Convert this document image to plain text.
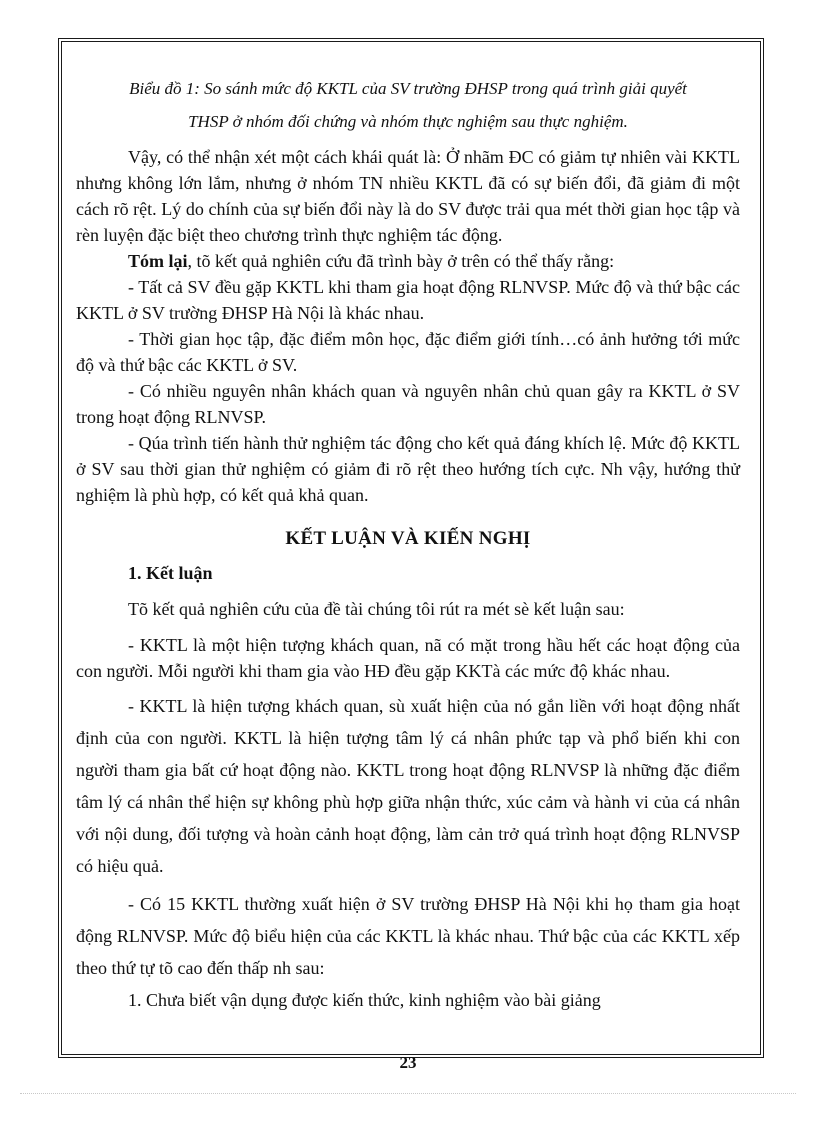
Biểu đồ 1: So sánh mức độ KKTL của SV trường ĐHSP trong quá trình giải quyết

THSP ở nhóm đối chứng và nhóm thực nghiệm sau thực nghiệm.

Vậy, có thể nhận xét một cách khái quát là: Ở nhãm ĐC có giảm tự nhiên vài KKTL nhưng không lớn lắm, nhưng ở nhóm TN nhiều KKTL đã có sự biến đổi, đã giảm đi một cách rõ rệt. Lý do chính của sự biến đổi này là do SV được trải qua mét thời gian học tập và rèn luyện đặc biệt theo chương trình thực nghiệm tác động.

Tóm lại, tõ kết quả nghiên cứu đã trình bày ở trên có thể thấy rằng:

- Tất cả SV đều gặp KKTL khi tham gia hoạt động RLNVSP. Mức độ và thứ bậc các KKTL ở SV trường ĐHSP Hà Nội là khác nhau.

- Thời gian học tập, đặc điểm môn học, đặc điểm giới tính…có ảnh hưởng tới mức độ và thứ bậc các KKTL ở SV.

- Có nhiều nguyên nhân khách quan và nguyên nhân chủ quan gây ra KKTL ở SV trong hoạt động RLNVSP.

- Qúa trình tiến hành thử nghiệm tác động cho kết quả đáng khích lệ. Mức độ KKTL ở SV sau thời gian thử nghiệm có giảm đi rõ rệt theo hướng tích cực. Nh vậy, hướng thử nghiệm là phù hợp, có kết quả khả quan.

KẾT LUẬN VÀ KIẾN NGHỊ

1. Kết luận

Tõ kết quả nghiên cứu của đề tài chúng tôi rút ra mét sè kết luận sau:

- KKTL là một hiện tượng khách quan, nã có mặt trong hầu hết các hoạt động của con người. Mỗi người khi tham gia vào HĐ đều gặp KKTà các mức độ khác nhau.

- KKTL là hiện tượng khách quan, sù xuất hiện của nó gắn liền với hoạt động nhất định của con người. KKTL là hiện tượng tâm lý cá nhân phức tạp và phổ biến khi con người tham gia bất cứ hoạt động nào. KKTL trong hoạt động RLNVSP là những đặc điểm tâm lý cá nhân thể hiện sự không phù hợp giữa nhận thức, xúc cảm và hành vi của cá nhân với nội dung, đối tượng và hoàn cảnh hoạt động, làm cản trở quá trình hoạt động RLNVSP có hiệu quả.

- Có 15 KKTL thường xuất hiện ở SV trường ĐHSP Hà Nội khi họ tham gia hoạt động RLNVSP. Mức độ biểu hiện của các KKTL là khác nhau. Thứ bậc của các KKTL xếp theo thứ tự tõ cao đến thấp nh sau:

1. Chưa biết vận dụng được kiến thức, kinh nghiệm vào bài giảng

23
